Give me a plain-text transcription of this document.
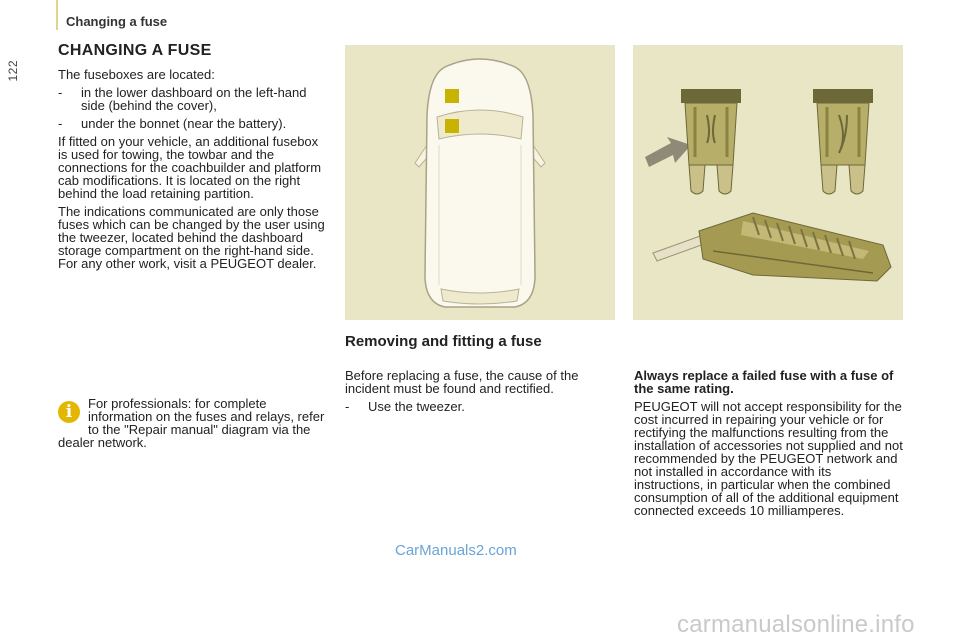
122
Changing a fuse
CHANGING A FUSE

The fuseboxes are located:

-	in the lower dashboard on the left-hand side (behind the cover),
-	under the bonnet (near the battery).

If fitted on your vehicle, an additional fusebox is used for towing, the towbar and the connections for the coachbuilder and platform cab modifications. It is located on the right behind the load retaining partition.

The indications communicated are only those fuses which can be changed by the user using the tweezer, located behind the dashboard storage compartment on the right-hand side. For any other work, visit a PEUGEOT dealer.

i	For professionals: for complete information on the fuses and relays, refer to the "Repair manual" diagram via the dealer network.
Removing and fitting a fuse

Before replacing a fuse, the cause of the incident must be found and rectified.

-	Use the tweezer.

Always replace a failed fuse with a fuse of the same rating.

PEUGEOT will not accept responsibility for the cost incurred in repairing your vehicle or for rectifying the malfunctions resulting from the installation of accessories not supplied and not recommended by the PEUGEOT network and not installed in accordance with its instructions, in particular when the combined consumption of all of the additional equipment connected exceeds 10 milliamperes.

CarManuals2.com
carmanualsonline.info
